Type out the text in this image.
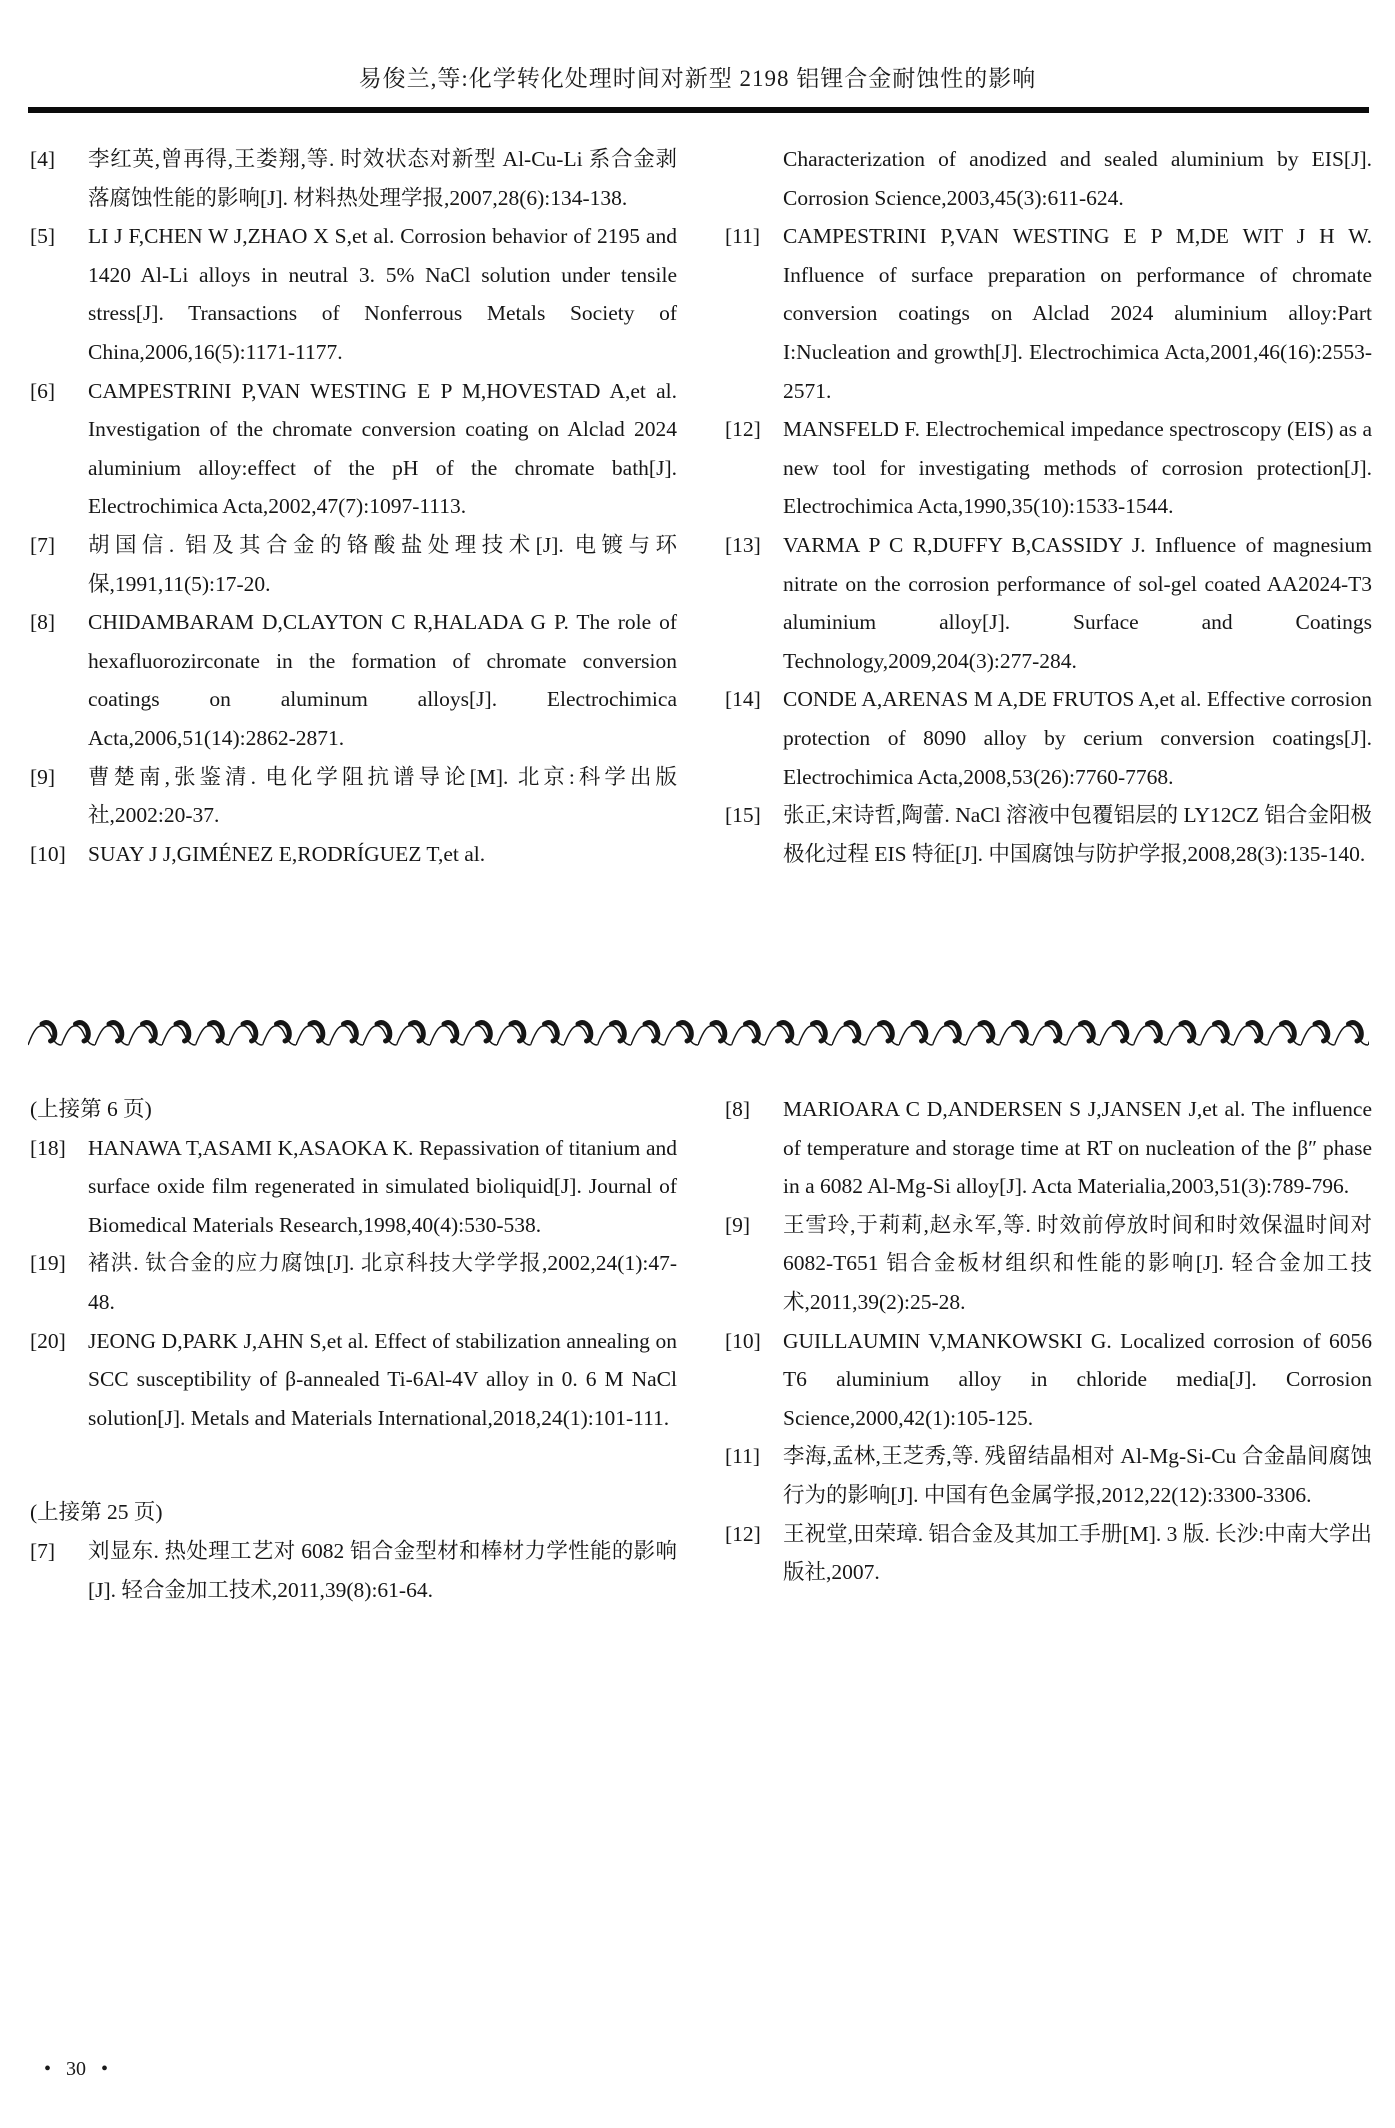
易俊兰,等:化学转化处理时间对新型 2198 铝锂合金耐蚀性的影响
[4]	李红英,曾再得,王娄翔,等. 时效状态对新型 Al-Cu-Li 系合金剥落腐蚀性能的影响[J]. 材料热处理学报,2007,28(6):134-138.
[5]	LI J F,CHEN W J,ZHAO X S,et al. Corrosion behavior of 2195 and 1420 Al-Li alloys in neutral 3. 5% NaCl solution under tensile stress[J]. Transactions of Nonferrous Metals Society of China,2006,16(5):1171-1177.
[6]	CAMPESTRINI P,VAN WESTING E P M,HOVESTAD A,et al. Investigation of the chromate conversion coating on Alclad 2024 aluminium alloy:effect of the pH of the chromate bath[J]. Electrochimica Acta,2002,47(7):1097-1113.
[7]	胡国信. 铝及其合金的铬酸盐处理技术[J]. 电镀与环保,1991,11(5):17-20.
[8]	CHIDAMBARAM D,CLAYTON C R,HALADA G P. The role of hexafluorozirconate in the formation of chromate conversion coatings on aluminum alloys[J]. Electrochimica Acta,2006,51(14):2862-2871.
[9]	曹楚南,张鉴清. 电化学阻抗谱导论[M]. 北京:科学出版社,2002:20-37.
[10]	SUAY J J,GIMÉNEZ E,RODRÍGUEZ T,et al.
Characterization of anodized and sealed aluminium by EIS[J]. Corrosion Science,2003,45(3):611-624.
[11]	CAMPESTRINI P,VAN WESTING E P M,DE WIT J H W. Influence of surface preparation on performance of chromate conversion coatings on Alclad 2024 aluminium alloy:Part I:Nucleation and growth[J]. Electrochimica Acta,2001,46(16):2553-2571.
[12]	MANSFELD F. Electrochemical impedance spectroscopy (EIS) as a new tool for investigating methods of corrosion protection[J]. Electrochimica Acta,1990,35(10):1533-1544.
[13]	VARMA P C R,DUFFY B,CASSIDY J. Influence of magnesium nitrate on the corrosion performance of sol-gel coated AA2024-T3 aluminium alloy[J]. Surface and Coatings Technology,2009,204(3):277-284.
[14]	CONDE A,ARENAS M A,DE FRUTOS A,et al. Effective corrosion protection of 8090 alloy by cerium conversion coatings[J]. Electrochimica Acta,2008,53(26):7760-7768.
[15]	张正,宋诗哲,陶蕾. NaCl 溶液中包覆铝层的 LY12CZ 铝合金阳极极化过程 EIS 特征[J]. 中国腐蚀与防护学报,2008,28(3):135-140.
(上接第 6 页)
[18]	HANAWA T,ASAMI K,ASAOKA K. Repassivation of titanium and surface oxide film regenerated in simulated bioliquid[J]. Journal of Biomedical Materials Research,1998,40(4):530-538.
[19]	褚洪. 钛合金的应力腐蚀[J]. 北京科技大学学报,2002,24(1):47-48.
[20]	JEONG D,PARK J,AHN S,et al. Effect of stabilization annealing on SCC susceptibility of β-annealed Ti-6Al-4V alloy in 0. 6 M NaCl solution[J]. Metals and Materials International,2018,24(1):101-111.
(上接第 25 页)
[7]	刘显东. 热处理工艺对 6082 铝合金型材和棒材力学性能的影响[J]. 轻合金加工技术,2011,39(8):61-64.
[8]	MARIOARA C D,ANDERSEN S J,JANSEN J,et al. The influence of temperature and storage time at RT on nucleation of the β″ phase in a 6082 Al-Mg-Si alloy[J]. Acta Materialia,2003,51(3):789-796.
[9]	王雪玲,于莉莉,赵永军,等. 时效前停放时间和时效保温时间对 6082-T651 铝合金板材组织和性能的影响[J]. 轻合金加工技术,2011,39(2):25-28.
[10]	GUILLAUMIN V,MANKOWSKI G. Localized corrosion of 6056 T6 aluminium alloy in chloride media[J]. Corrosion Science,2000,42(1):105-125.
[11]	李海,孟林,王芝秀,等. 残留结晶相对 Al-Mg-Si-Cu 合金晶间腐蚀行为的影响[J]. 中国有色金属学报,2012,22(12):3300-3306.
[12]	王祝堂,田荣璋. 铝合金及其加工手册[M]. 3 版. 长沙:中南大学出版社,2007.
• 30 •
